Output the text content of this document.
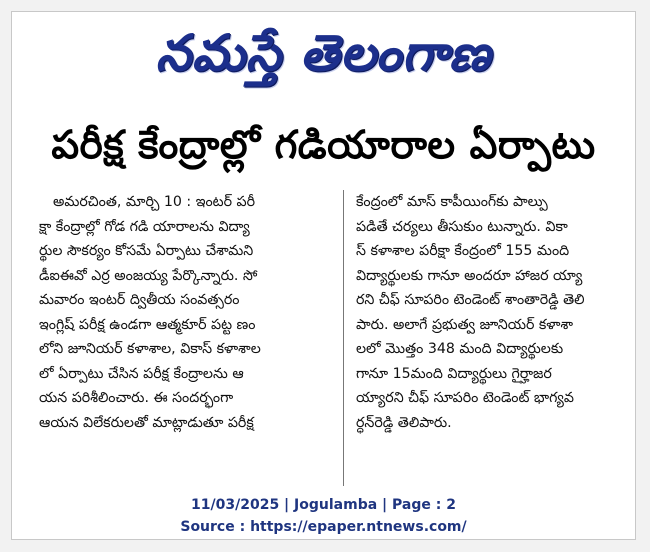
నమస్తే తెలంగాణ
పరీక్ష కేంద్రాల్లో గడియారాల ఏర్పాటు
అమరచింత, మార్చి 10 : ఇంటర్ పరీ
క్షా కేంద్రాల్లో గోడ గడి యారాలను విద్యా
ర్థుల సౌకర్యం కోసమే ఏర్పాటు చేశామని
డీఐఈవో ఎర్ర అంజయ్య పేర్కొన్నారు. సో
మవారం ఇంటర్ ద్వితీయ సంవత్సరం
ఇంగ్లిష్ పరీక్ష ఉండగా ఆత్మకూర్ పట్ట ణం
లోని జూనియర్ కళాశాల, వికాస్ కళాశాల
లో ఏర్పాటు చేసిన పరీక్ష కేంద్రాలను ఆ
యన పరిశీలించారు. ఈ సందర్భంగా
ఆయన విలేకరులతో మాట్లాడుతూ పరీక్ష
కేంద్రంలో మాస్ కాపీయింగ్‌కు పాల్పు
పడితే చర్యలు తీసుకుం టున్నారు. వికా
స్ కళాశాల పరీక్షా కేంద్రంలో 155 మంది
విద్యార్థులకు గానూ అందరూ హాజర య్యా
రని చీఫ్ సూపరిం టెండెంట్ శాంతారెడ్డి తెలి
పారు. అలాగే ప్రభుత్వ జూనియర్ కళాశా
లలో మొత్తం 348 మంది విద్యార్థులకు
గానూ 15మంది విద్యార్థులు గైర్హాజర
య్యారని చీఫ్ సూపరిం టెండెంట్ భాగ్యవ
ర్ధన్‌రెడ్డి తెలిపారు.
11/03/2025 | Jogulamba | Page : 2
Source : https://epaper.ntnews.com/
